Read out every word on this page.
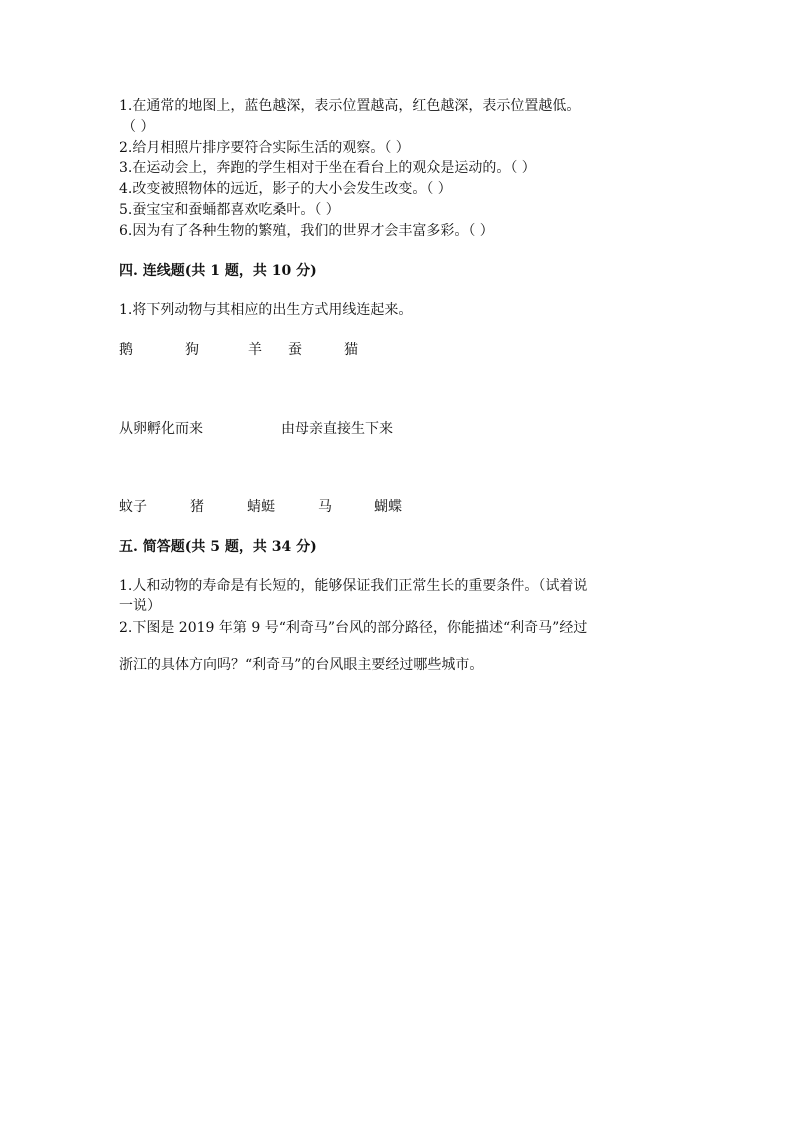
1.在通常的地图上，蓝色越深，表示位置越高，红色越深，表示位置越低。
（ ）
2.给月相照片排序要符合实际生活的观察。（ ）
3.在运动会上，奔跑的学生相对于坐在看台上的观众是运动的。（ ）
4.改变被照物体的远近，影子的大小会发生改变。（ ）
5.蚕宝宝和蚕蛹都喜欢吃桑叶。（ ）
6.因为有了各种生物的繁殖，我们的世界才会丰富多彩。（ ）
四. 连线题(共 1 题，共 10 分)
1.将下列动物与其相应的出生方式用线连起来。
鹅	狗	羊	蚕	猫
从卵孵化而来	由母亲直接生下来
蚊子	猪	蜻蜓	马	蝴蝶
五. 简答题(共 5 题，共 34 分)
1.人和动物的寿命是有长短的，能够保证我们正常生长的重要条件。（试着说
一说）
2.下图是 2019 年第 9 号“利奇马”台风的部分路径，你能描述“利奇马”经过
浙江的具体方向吗？“利奇马”的台风眼主要经过哪些城市。
